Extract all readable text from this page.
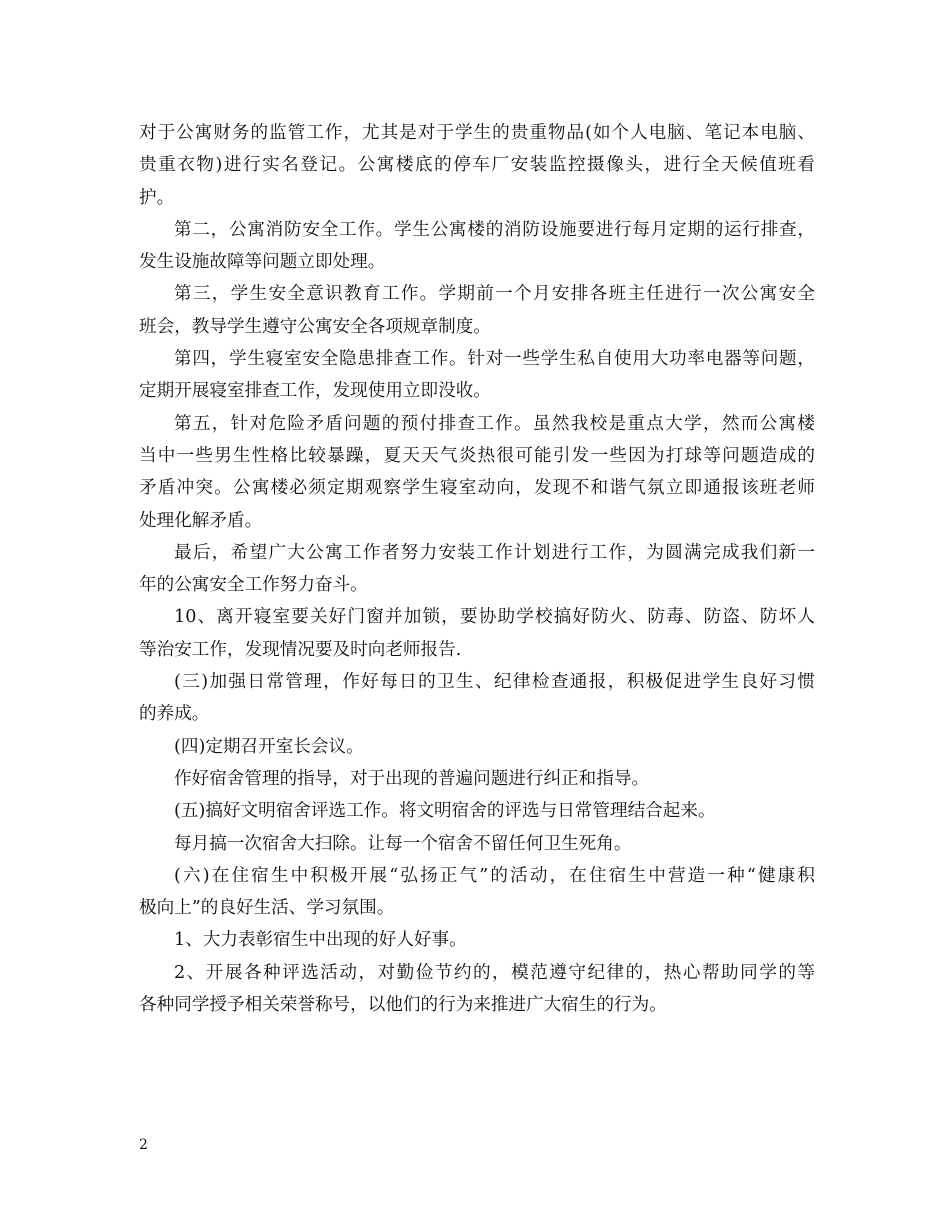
对于公寓财务的监管工作，尤其是对于学生的贵重物品(如个人电脑、笔记本电脑、
贵重衣物)进行实名登记。公寓楼底的停车厂安装监控摄像头，进行全天候值班看
护。
第二，公寓消防安全工作。学生公寓楼的消防设施要进行每月定期的运行排查，
发生设施故障等问题立即处理。
第三，学生安全意识教育工作。学期前一个月安排各班主任进行一次公寓安全
班会，教导学生遵守公寓安全各项规章制度。
第四，学生寝室安全隐患排查工作。针对一些学生私自使用大功率电器等问题，
定期开展寝室排查工作，发现使用立即没收。
第五，针对危险矛盾问题的预付排查工作。虽然我校是重点大学，然而公寓楼
当中一些男生性格比较暴躁，夏天天气炎热很可能引发一些因为打球等问题造成的
矛盾冲突。公寓楼必须定期观察学生寝室动向，发现不和谐气氛立即通报该班老师
处理化解矛盾。
最后，希望广大公寓工作者努力安装工作计划进行工作，为圆满完成我们新一
年的公寓安全工作努力奋斗。
10、离开寝室要关好门窗并加锁，要协助学校搞好防火、防毒、防盗、防坏人
等治安工作，发现情况要及时向老师报告.
(三)加强日常管理，作好每日的卫生、纪律检查通报，积极促进学生良好习惯
的养成。
(四)定期召开室长会议。
作好宿舍管理的指导，对于出现的普遍问题进行纠正和指导。
(五)搞好文明宿舍评选工作。将文明宿舍的评选与日常管理结合起来。
每月搞一次宿舍大扫除。让每一个宿舍不留任何卫生死角。
(六)在住宿生中积极开展“弘扬正气”的活动，在住宿生中营造一种“健康积
极向上”的良好生活、学习氛围。
1、大力表彰宿生中出现的好人好事。
2、开展各种评选活动，对勤俭节约的，模范遵守纪律的，热心帮助同学的等
各种同学授予相关荣誉称号，以他们的行为来推进广大宿生的行为。
2
